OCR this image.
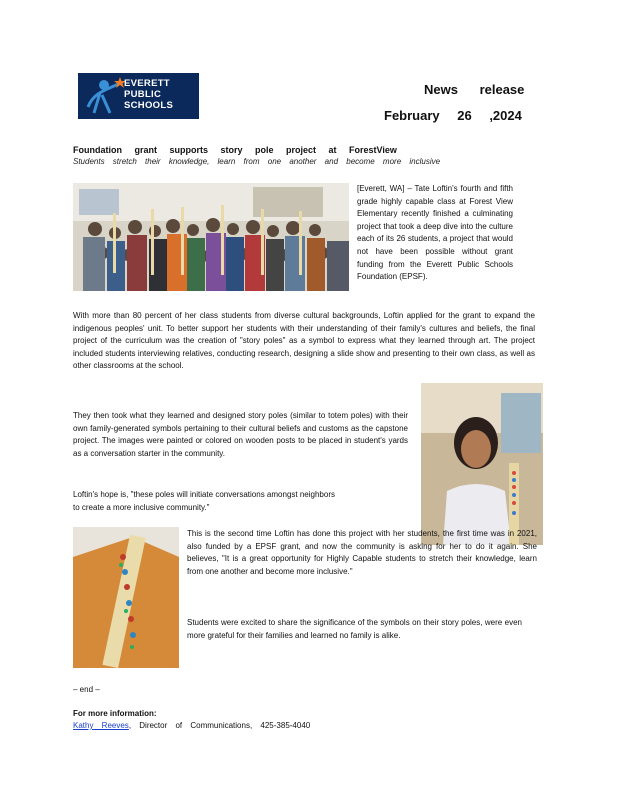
EVERETT
PUBLIC
SCHOOLS
News release
February 26 ,2024
Foundation grant supports story pole project at ForestView
Students stretch their knowledge, learn from one another and become more inclusive
[Everett, WA] – Tate Loftin's fourth and fifth grade highly capable class at Forest View Elementary recently finished a culminating project that took a deep dive into the culture each of its 26 students, a project that would not have been possible without grant funding from the Everett Public Schools Foundation (EPSF).
With more than 80 percent of her class students from diverse cultural backgrounds, Loftin applied for the grant to expand the indigenous peoples' unit. To better support her students with their understanding of their family's cultures and beliefs, the final project of the curriculum was the creation of "story poles" as a symbol to express what they learned through art. The project included students interviewing relatives, conducting research, designing a slide show and presenting to their own class, as well as other classrooms at the school.
They then took what they learned and designed story poles (similar to totem poles) with their own family-generated symbols pertaining to their cultural beliefs and customs as the capstone project. The images were painted or colored on wooden posts to be placed in student's yards as a conversation starter in the community.
Loftin's hope is, "these poles will initiate conversations amongst neighbors to create a more inclusive community."
This is the second time Loftin has done this project with her students, the first time was in 2021, also funded by a EPSF grant, and now the community is asking for her to do it again. She believes, "It is a great opportunity for Highly Capable students to stretch their knowledge, learn from one another and become more inclusive."
Students were excited to share the significance of the symbols on their story poles, were even more grateful for their families and learned no family is alike.
– end –
For more information:
Kathy Reeves, Director of Communications, 425-385-4040
